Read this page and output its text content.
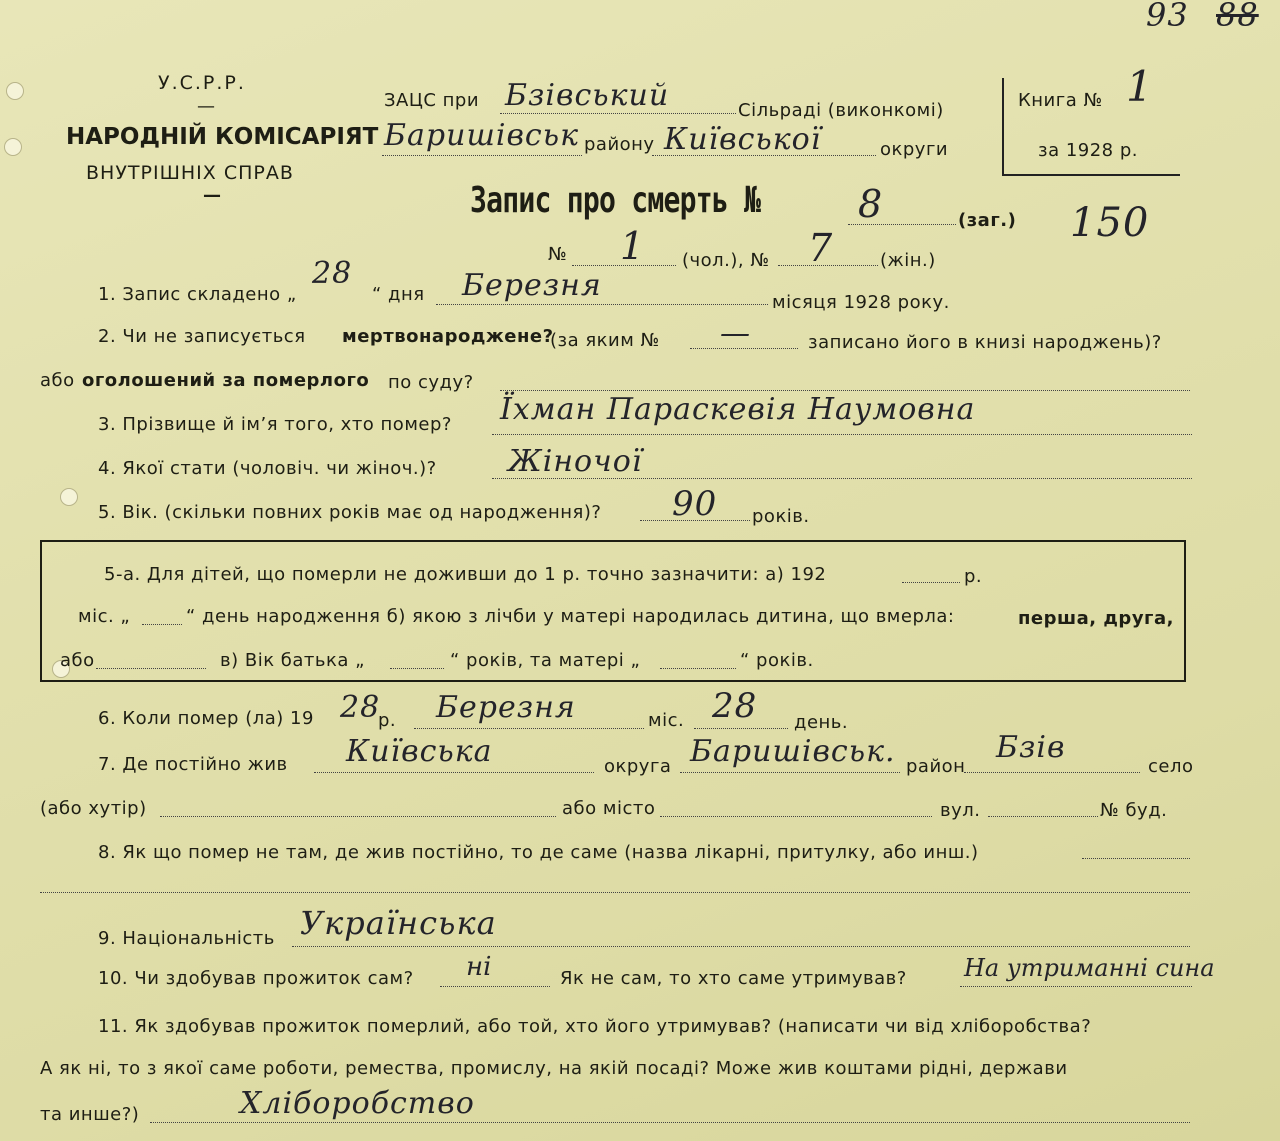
93 88
У.С.Р.Р.
—
НАРОДНІЙ КОМІСАРІЯТ
ВНУТРІШНІХ СПРАВ
—
ЗАЦС при Бзівський	Сільраді (виконкомі)
Баришівськ району Київської	округи
Книга № 1
за 1928 р.
Запис про смерть №	8	(заг.) 150
№ 1 (чол.), № 7	(жін.)
1. Запис складено „
28
“ дня Березня	місяця 1928 року.
2. Чи не записується мертвонароджене?
(за яким № —	записано його в книзі народжень)?
або оголошений за померлого по суду?
3. Прізвище й ім’я того, хто помер? Їхман Параскевія Наумовна
4. Якої стати (чоловіч. чи жіноч.)? Жіночої
5. Вік. (скільки повних років має од народження)? 90 років.
5-а. Для дітей, що померли не доживши до 1 р. точно зазначити: а) 192	р.
міс. „	“ день народження б) якою з лічби у матері народилась дитина, що вмерла:	перша, друга,
або	в) Вік батька „	“ років, та матері „	“ років.
6. Коли помер (ла) 19 28
р. Березня	міс. 28 день.
7. Де постійно жив Київська	округа Баришівськ. район
Бзів
село
(або хутір)	або місто	вул.	№ буд.
8. Як що помер не там, де жив постійно, то де саме (назва лікарні, притулку, або инш.)
9. Національність Українська
10. Чи здобував прожиток сам? ні	Як не сам, то хто саме утримував? На утриманні сина
11. Як здобував прожиток померлий, або той, хто його утримував? (написати чи від хліборобства?
А як ні, то з якої саме роботи, ремества, промислу, на якій посаді? Може жив коштами рідні, держави
та инше?)	Хліборобство
